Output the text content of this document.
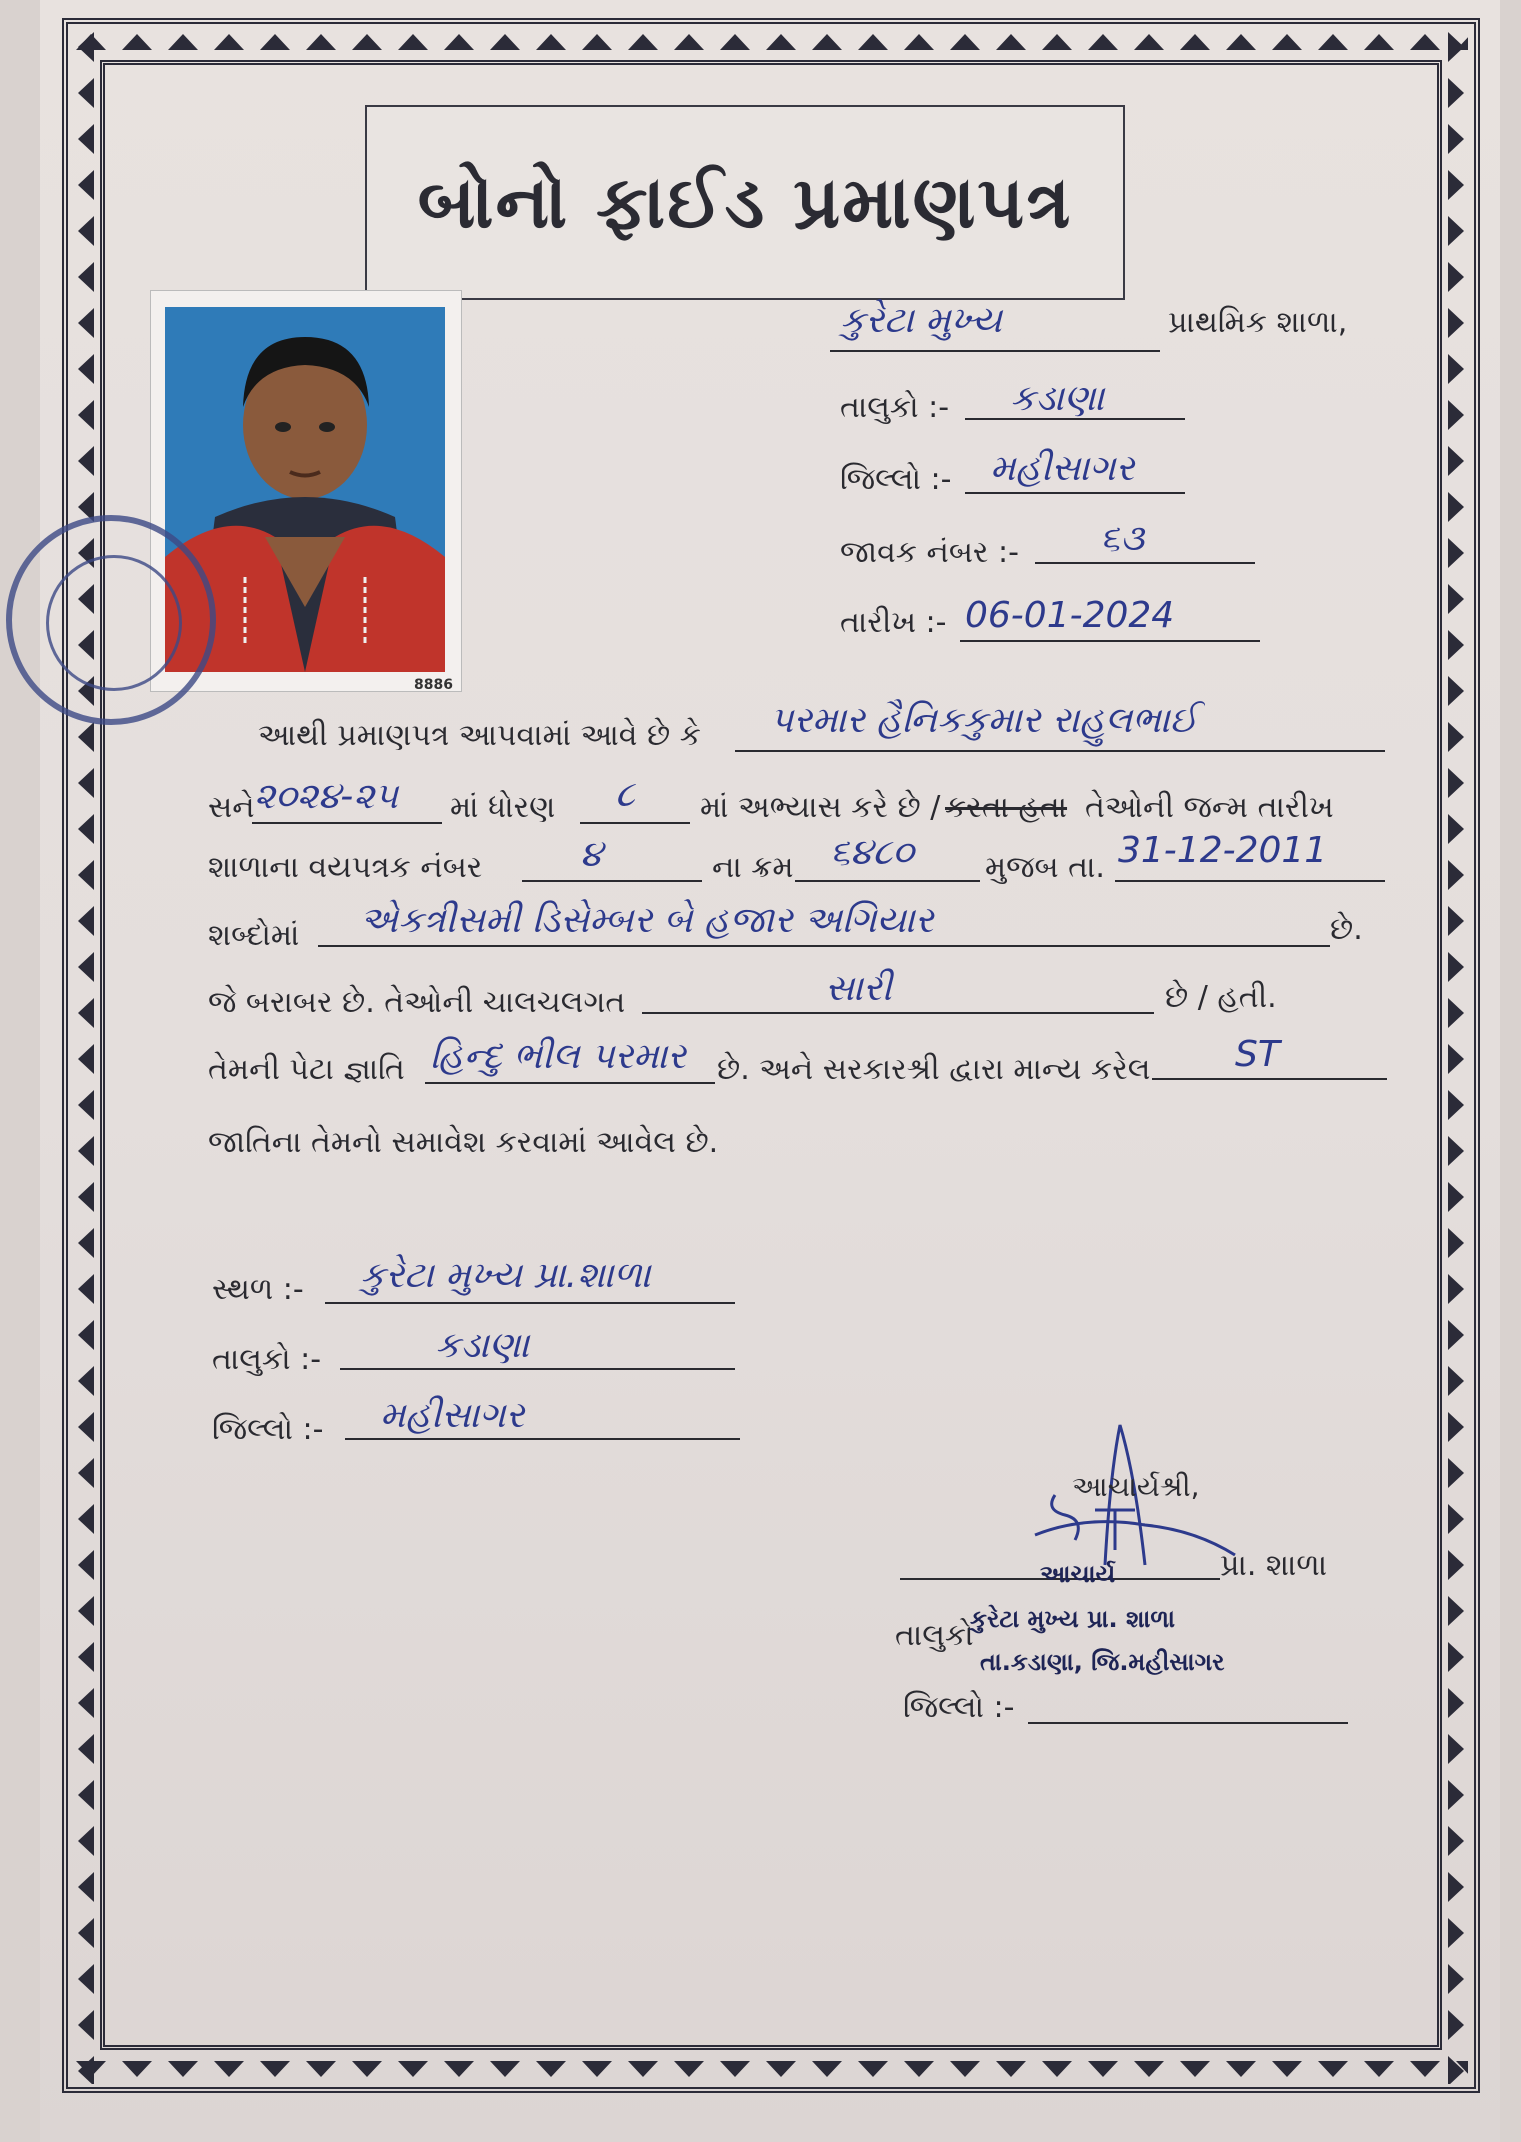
બોનો ફાઈડ પ્રમાણપત્ર
8886
કુરેટા મુખ્ય	પ્રાથમિક શાળા,
તાલુકો :- કડાણા
જિલ્લો :- મહીસાગર
જાવક નંબર :- ૬૩
તારીખ :- 06-01-2024
આથી પ્રમાણપત્ર આપવામાં આવે છે કે પરમાર હૈનિકકુમાર રાહુલભાઈ
સને ૨૦૨૪-૨૫ માં ધોરણ ૮ માં અભ્યાસ કરે છે / કરતા હતા તેઓની જન્મ તારીખ
શાળાના વયપત્રક નંબર	૪	ના ક્રમ ૬૪૮૦ મુજબ તા. 31-12-2011
શબ્દોમાં એકત્રીસમી ડિસેમ્બર બે હજાર અગિયાર	છે.
જે બરાબર છે. તેઓની ચાલચલગત	સારી	છે / હતી.
તેમની પેટા જ્ઞાતિ હિન્દુ ભીલ પરમાર છે. અને સરકારશ્રી દ્વારા માન્ય કરેલ ST
જાતિના તેમનો સમાવેશ કરવામાં આવેલ છે.
સ્થળ :- કુરેટા મુખ્ય પ્રા.શાળા
તાલુકો :-	કડાણા
જિલ્લો :- મહીસાગર
આચાર્યશ્રી,
પ્રા. શાળા
આચાર્ય
તાલુકો
કુરેટા મુખ્ય પ્રા. શાળા
તા.કડાણા, જિ.મહીસાગર
જિલ્લો :-
